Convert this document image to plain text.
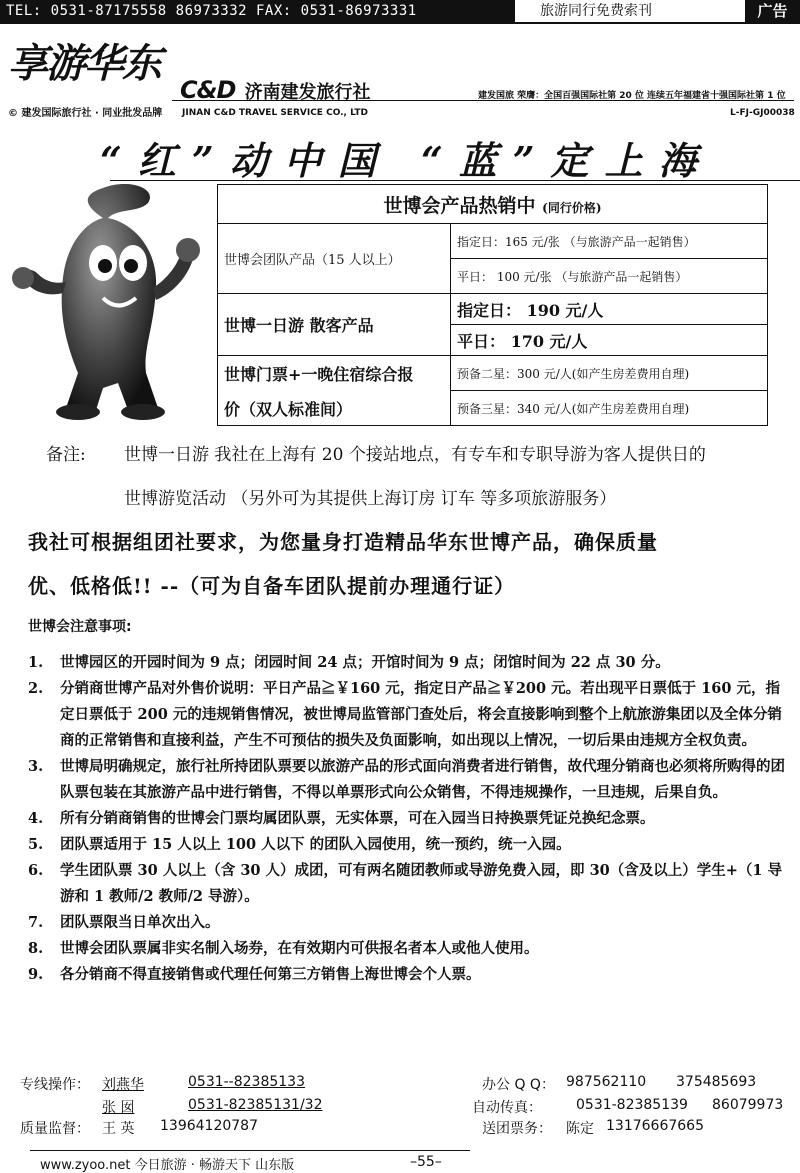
TEL: 0531-87175558 86973332 FAX: 0531-86973331	旅游同行免费索刊	广告
享游华东
© 建发国际旅行社 · 同业批发品牌
C&D 济南建发旅行社	建发国旅 荣膺：全国百强国际社第 20 位 连续五年福建省十强国际社第 1 位
JINAN C&D TRAVEL SERVICE CO., LTD	L-FJ-GJ00038
“红”动中国 “蓝”定上海
世博会产品热销中 (同行价格)	
世博会团队产品（15 人以上）	指定日：165 元/张 （与旅游产品一起销售）
	平日： 100 元/张 （与旅游产品一起销售）
世博一日游 散客产品	指定日： 190 元/人
	平日： 170 元/人

世博门票+一晚住宿综合报
价（双人标准间）	预备二星：300 元/人(如产生房差费用自理)
	预备三星：340 元/人(如产生房差费用自理)
备注: 世博一日游 我社在上海有 20 个接站地点，有专车和专职导游为客人提供日的
世博游览活动 （另外可为其提供上海订房 订车 等多项旅游服务）
我社可根据组团社要求，为您量身打造精品华东世博产品，确保质量
优、低格低!! --（可为自备车团队提前办理通行证）
世博会注意事项:
1. 世博园区的开园时间为 9 点；闭园时间 24 点；开馆时间为 9 点；闭馆时间为 22 点 30 分。
2. 分销商世博产品对外售价说明：平日产品≧￥160 元，指定日产品≧￥200 元。若出现平日票低于 160 元，指定日票低于 200 元的违规销售情况，被世博局监管部门查处后，将会直接影响到整个上航旅游集团以及全体分销商的正常销售和直接利益，产生不可预估的损失及负面影响，如出现以上情况，一切后果由违规方全权负责。
3. 世博局明确规定，旅行社所持团队票要以旅游产品的形式面向消费者进行销售，故代理分销商也必须将所购得的团队票包装在其旅游产品中进行销售，不得以单票形式向公众销售，不得违规操作，一旦违规，后果自负。
4. 所有分销商销售的世博会门票均属团队票，无实体票，可在入园当日持换票凭证兑换纪念票。
5. 团队票适用于 15 人以上 100 人以下 的团队入园使用，统一预约，统一入园。
6. 学生团队票 30 人以上（含 30 人）成团，可有两名随团教师或导游免费入园，即 30（含及以上）学生+（1 导游和 1 教师/2 教师/2 导游）。
7. 团队票限当日单次出入。
8. 世博会团队票属非实名制入场券，在有效期内可供报名者本人或他人使用。
9. 各分销商不得直接销售或代理任何第三方销售上海世博会个人票。
专线操作： 刘燕华	0531--82385133	办公 Q Q： 987562110 375485693
张 囡	0531-82385131/32	自动传真： 0531-82385139 86079973
质量监督： 王 英 13964120787	送团票务： 陈定 13176667665
www.zyoo.net 今日旅游 · 畅游天下 山东版	–55–
